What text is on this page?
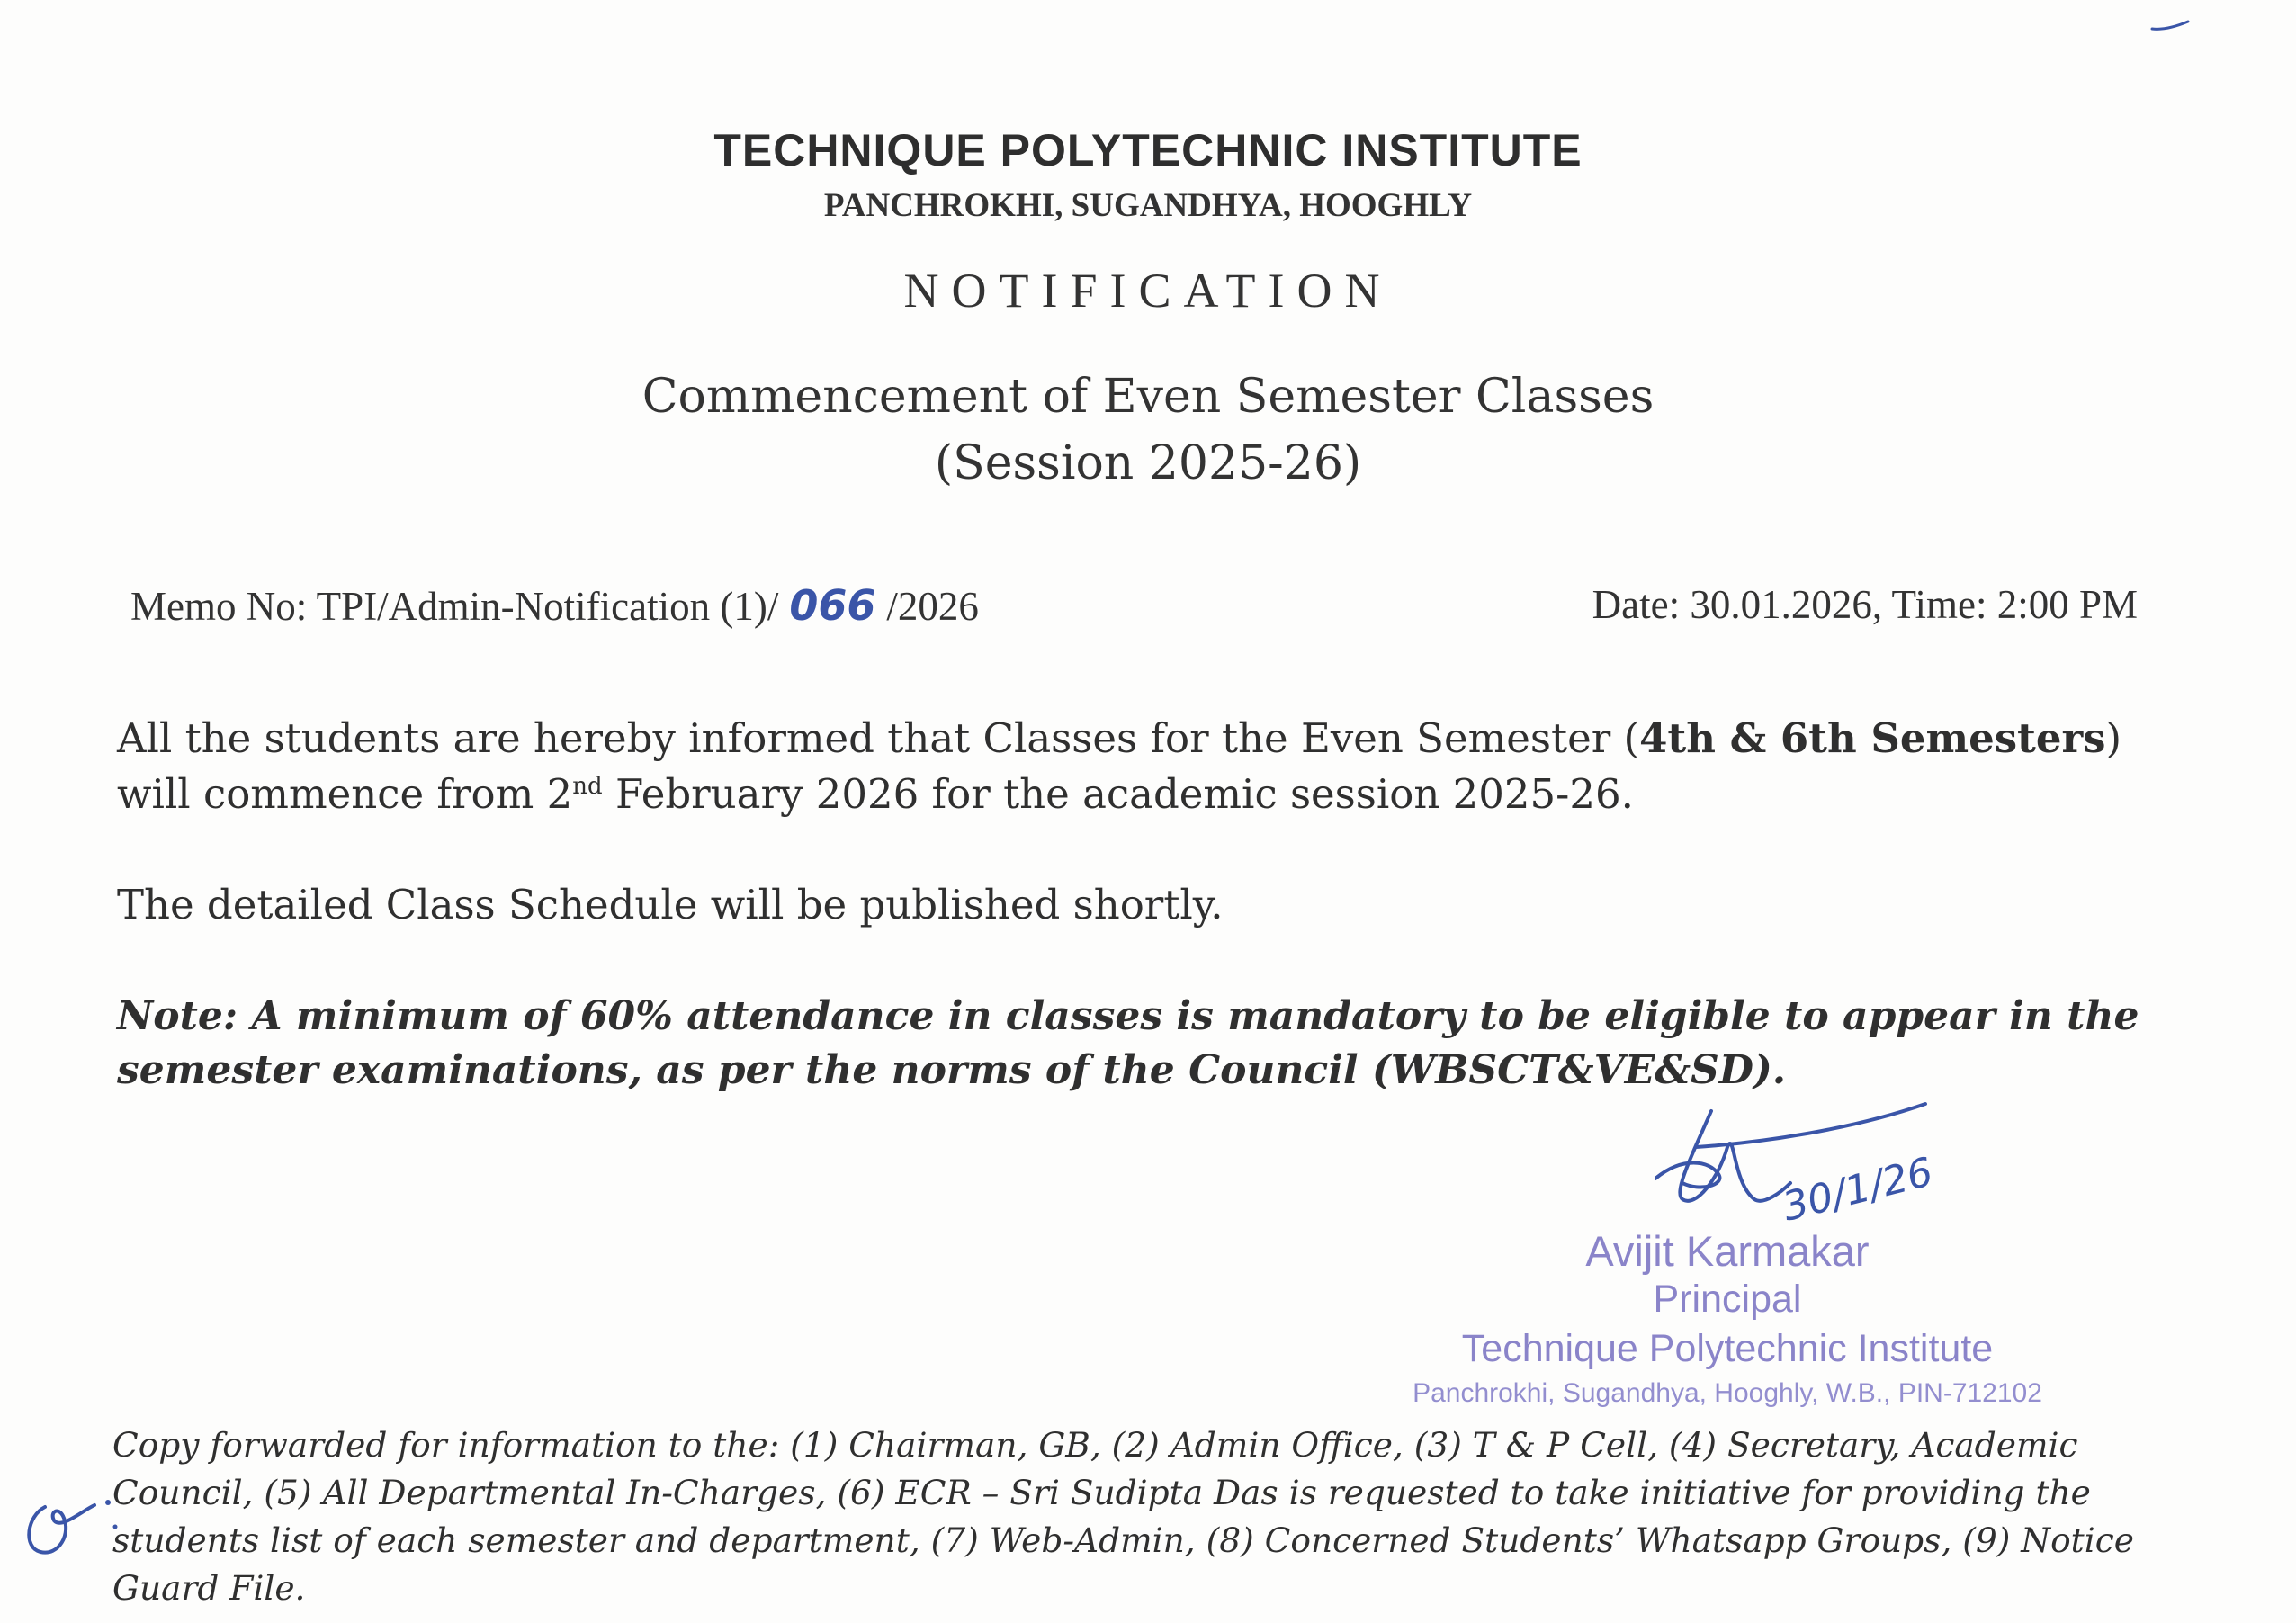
TECHNIQUE POLYTECHNIC INSTITUTE
PANCHROKHI, SUGANDHYA, HOOGHLY
NOTIFICATION
Commencement of Even Semester Classes
(Session 2025-26)
Memo No: TPI/Admin-Notification (1)/ 066 /2026	Date: 30.01.2026, Time: 2:00 PM
All the students are hereby informed that Classes for the Even Semester (4th & 6th Semesters) will commence from 2nd February 2026 for the academic session 2025-26.
The detailed Class Schedule will be published shortly.
Note: A minimum of 60% attendance in classes is mandatory to be eligible to appear in the semester examinations, as per the norms of the Council (WBSCT&VE&SD).
30/1/26
Avijit Karmakar
Principal
Technique Polytechnic Institute
Panchrokhi, Sugandhya, Hooghly, W.B., PIN-712102
Copy forwarded for information to the: (1) Chairman, GB, (2) Admin Office, (3) T & P Cell, (4) Secretary, Academic Council, (5) All Departmental In-Charges, (6) ECR – Sri Sudipta Das is requested to take initiative for providing the students list of each semester and department, (7) Web-Admin, (8) Concerned Students’ Whatsapp Groups, (9) Notice Guard File.
